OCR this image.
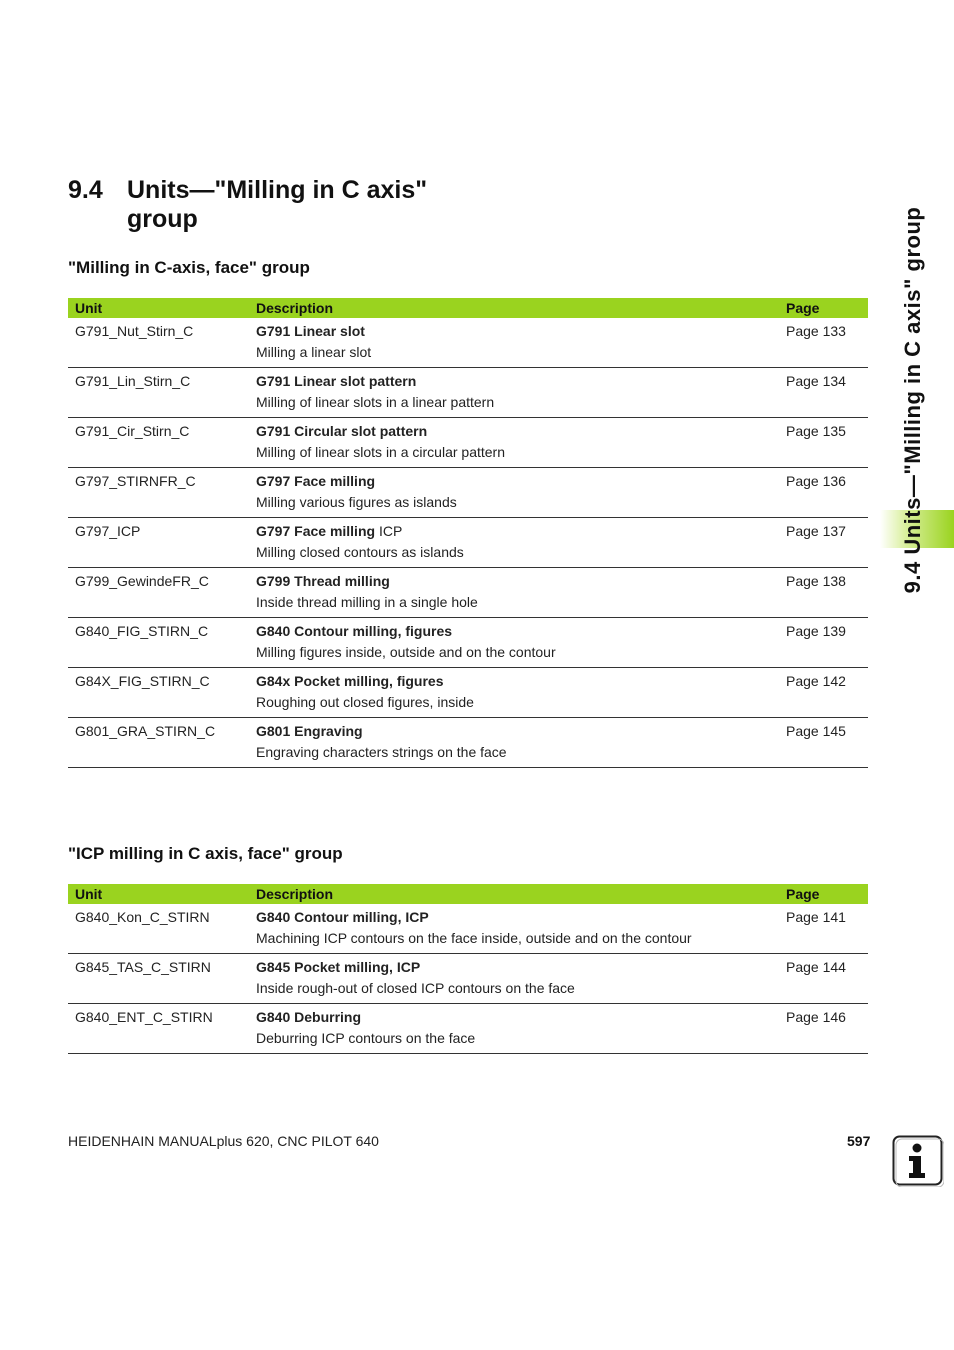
9.4 Units—"Milling in C axis" group
"Milling in C-axis, face" group
Unit	Description	Page
G791_Nut_Stirn_C	G791 Linear slot	Page 133
	Milling a linear slot	
G791_Lin_Stirn_C	G791 Linear slot pattern	Page 134
	Milling of linear slots in a linear pattern	
G791_Cir_Stirn_C	G791 Circular slot pattern	Page 135
	Milling of linear slots in a circular pattern	
G797_STIRNFR_C	G797 Face milling	Page 136
	Milling various figures as islands	
G797_ICP	G797 Face milling ICP	Page 137
	Milling closed contours as islands	
G799_GewindeFR_C	G799 Thread milling	Page 138
	Inside thread milling in a single hole	
G840_FIG_STIRN_C	G840 Contour milling, figures	Page 139
	Milling figures inside, outside and on the contour	
G84X_FIG_STIRN_C	G84x Pocket milling, figures	Page 142
	Roughing out closed figures, inside	
G801_GRA_STIRN_C	G801 Engraving	Page 145
	Engraving characters strings on the face	
"ICP milling in C axis, face" group
Unit	Description	Page
G840_Kon_C_STIRN	G840 Contour milling, ICP	Page 141
	Machining ICP contours on the face inside, outside and on the contour	
G845_TAS_C_STIRN	G845 Pocket milling, ICP	Page 144
	Inside rough-out of closed ICP contours on the face	
G840_ENT_C_STIRN	G840 Deburring	Page 146
	Deburring ICP contours on the face	
9.4 Units—"Milling in C axis" group
HEIDENHAIN MANUALplus 620, CNC PILOT 640	597
